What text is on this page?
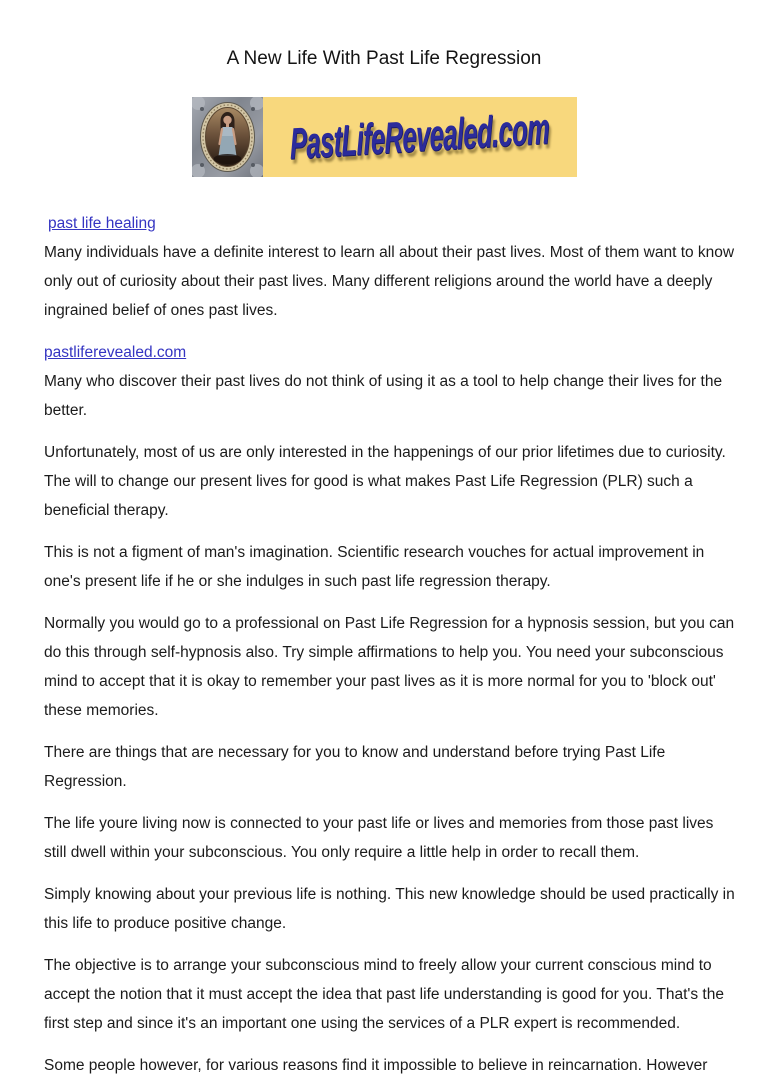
A New Life With Past Life Regression
PastLifeRevealed.com
past life healing

Many individuals have a definite interest to learn all about their past lives. Most of them want to know only out of curiosity about their past lives. Many different religions around the world have a deeply ingrained belief of ones past lives.

pastliferevealed.com

Many who discover their past lives do not think of using it as a tool to help change their lives for the better.

Unfortunately, most of us are only interested in the happenings of our prior lifetimes due to curiosity. The will to change our present lives for good is what makes Past Life Regression (PLR) such a beneficial therapy.

This is not a figment of man's imagination. Scientific research vouches for actual improvement in one's present life if he or she indulges in such past life regression therapy.

Normally you would go to a professional on Past Life Regression for a hypnosis session, but you can do this through self-hypnosis also. Try simple affirmations to help you. You need your subconscious mind to accept that it is okay to remember your past lives as it is more normal for you to 'block out' these memories.

There are things that are necessary for you to know and understand before trying Past Life Regression.

The life youre living now is connected to your past life or lives and memories from those past lives still dwell within your subconscious. You only require a little help in order to recall them.

Simply knowing about your previous life is nothing. This new knowledge should be used practically in this life to produce positive change.

The objective is to arrange your subconscious mind to freely allow your current conscious mind to accept the notion that it must accept the idea that past life understanding is good for you. That's the first step and since it's an important one using the services of a PLR expert is recommended.

Some people however, for various reasons find it impossible to believe in reincarnation. However
